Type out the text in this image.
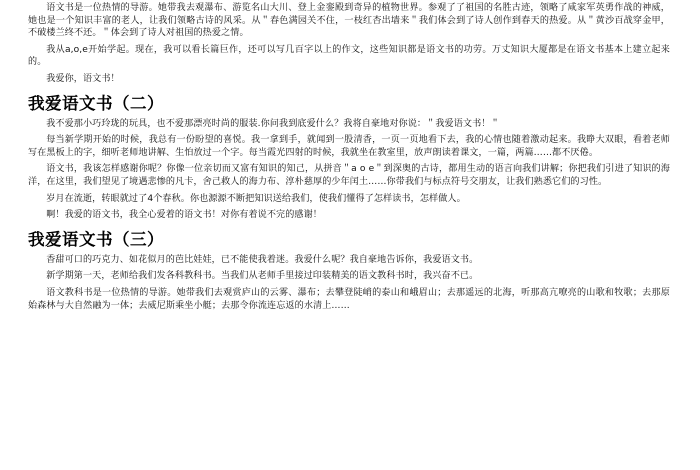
语文书是一位热情的导游。她带我去观瀑布、游览名山大川、登上金銮殿到奇异的植物世界。参观了了祖国的名胜古迹，领略了咸家军英勇作战的神威，她也是一个知识丰富的老人，让我们领略古诗的风采。从＂春色满园关不住，一枝红杏出墙来＂我们体会到了诗人创作到春天的热爱。从＂黄沙百战穿金甲，不破楼兰终不还。＂体会到了诗人对祖国的热爱之情。

我从a,o,e开始学起。现在，我可以看长篇巨作，还可以写几百字以上的作文，这些知识都是语文书的功劳。万丈知识大厦都是在语文书基本上建立起来的。

我爱你，语文书！

我爱语文书（二）

我不爱那小巧玲珑的玩具，也不爱那漂亮时尚的服装.你问我到底爱什么？我将自豪地对你说：＂我爱语文书！＂

每当新学期开始的时候，我总有一份盼望的喜悦。我一拿到手，就闻到一股清香，一页一页地看下去，我的心情也随着激动起来。我睁大双眼，看着老师写在黑板上的字，细听老师地讲解、生怕放过一个字。每当霞光四射的时候，我就坐在教室里，放声朗读着课文，一篇，两篇……都不厌倦。

语文书，我该怎样感谢你呢？你像一位亲切而又富有知识的知己，从拼音＂a o e＂到深奥的古诗，都用生动的语言向我们讲解；你把我们引进了知识的海洋，在这里，我们望见了境遇悲惨的凡卡，舍己救人的海力布、淳朴慈厚的少年闰土……你带我们与标点符号交朋友，让我们熟悉它们的习性。

岁月在流逝，转眼就过了4个春秋。你也源源不断把知识送给我们，使我们懂得了怎样读书，怎样做人。

啊！我爱的语文书，我全心爱着的语文书！对你有着说不完的感谢！

我爱语文书（三）

香甜可口的巧克力、如花似月的芭比娃娃，已不能使我着迷。我爱什么呢？我自豪地告诉你，我爱语文书。

新学期第一天，老师给我们发各科教科书。当我们从老师手里接过印装精美的语文教科书时，我兴奋不已。

语文教科书是一位热情的导游。她带我们去观赏庐山的云雾、瀑布；去攀登陡峭的泰山和峨眉山；去那遥远的北海，听那高亢嘹亮的山歌和牧歌；去那原始森林与大自然融为一体；去威尼斯乘坐小艇；去那令你流连忘返的水清上……
